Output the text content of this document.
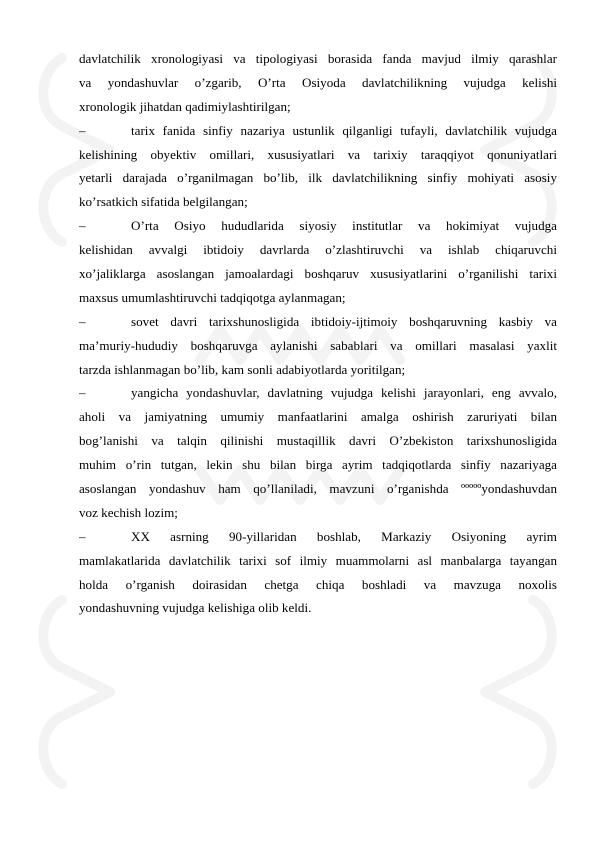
davlatchilik xronologiyasi va tipologiyasi borasida fanda mavjud ilmiy qarashlar
va yondashuvlar o’zgarib, O’rta Osiyoda davlatchilikning vujudga kelishi
xronologik jihatdan qadimiylashtirilgan;
–	tarix fanida sinfiy nazariya ustunlik qilganligi tufayli, davlatchilik vujudga
kelishining obyektiv omillari, xususiyatlari va tarixiy taraqqiyot qonuniyatlari
yetarli darajada o’rganilmagan bo’lib, ilk davlatchilikning sinfiy mohiyati asosiy
ko’rsatkich sifatida belgilangan;
–	O’rta Osiyo hududlarida siyosiy institutlar va hokimiyat vujudga
kelishidan avvalgi ibtidoiy davrlarda o’zlashtiruvchi va ishlab chiqaruvchi
xo’jaliklarga asoslangan jamoalardagi boshqaruv xususiyatlarini o’rganilishi tarixi
maxsus umumlashtiruvchi tadqiqotga aylanmagan;
–	sovet davri tarixshunosligida ibtidoiy-ijtimoiy boshqaruvning kasbiy va
ma’muriy-hududiy boshqaruvga aylanishi sabablari va omillari masalasi yaxlit
tarzda ishlanmagan bo’lib, kam sonli adabiyotlarda yoritilgan;
–	yangicha yondashuvlar, davlatning vujudga kelishi jarayonlari, eng avvalo,
aholi va jamiyatning umumiy manfaatlarini amalga oshirish zaruriyati bilan
bog’lanishi va talqin qilinishi mustaqillik davri O’zbekiston tarixshunosligida
muhim o’rin tutgan, lekin shu bilan birga ayrim tadqiqotlarda sinfiy nazariyaga
asoslangan yondashuv ham qo’llaniladi, mavzuni o’rganishda ºººººyondashuvdan
voz kechish lozim;
–	XX asrning 90-yillaridan boshlab, Markaziy Osiyoning ayrim
mamlakatlarida davlatchilik tarixi sof ilmiy muammolarni asl manbalarga tayangan
holda o’rganish doirasidan chetga chiqa boshladi va mavzuga noxolis
yondashuvning vujudga kelishiga olib keldi.
